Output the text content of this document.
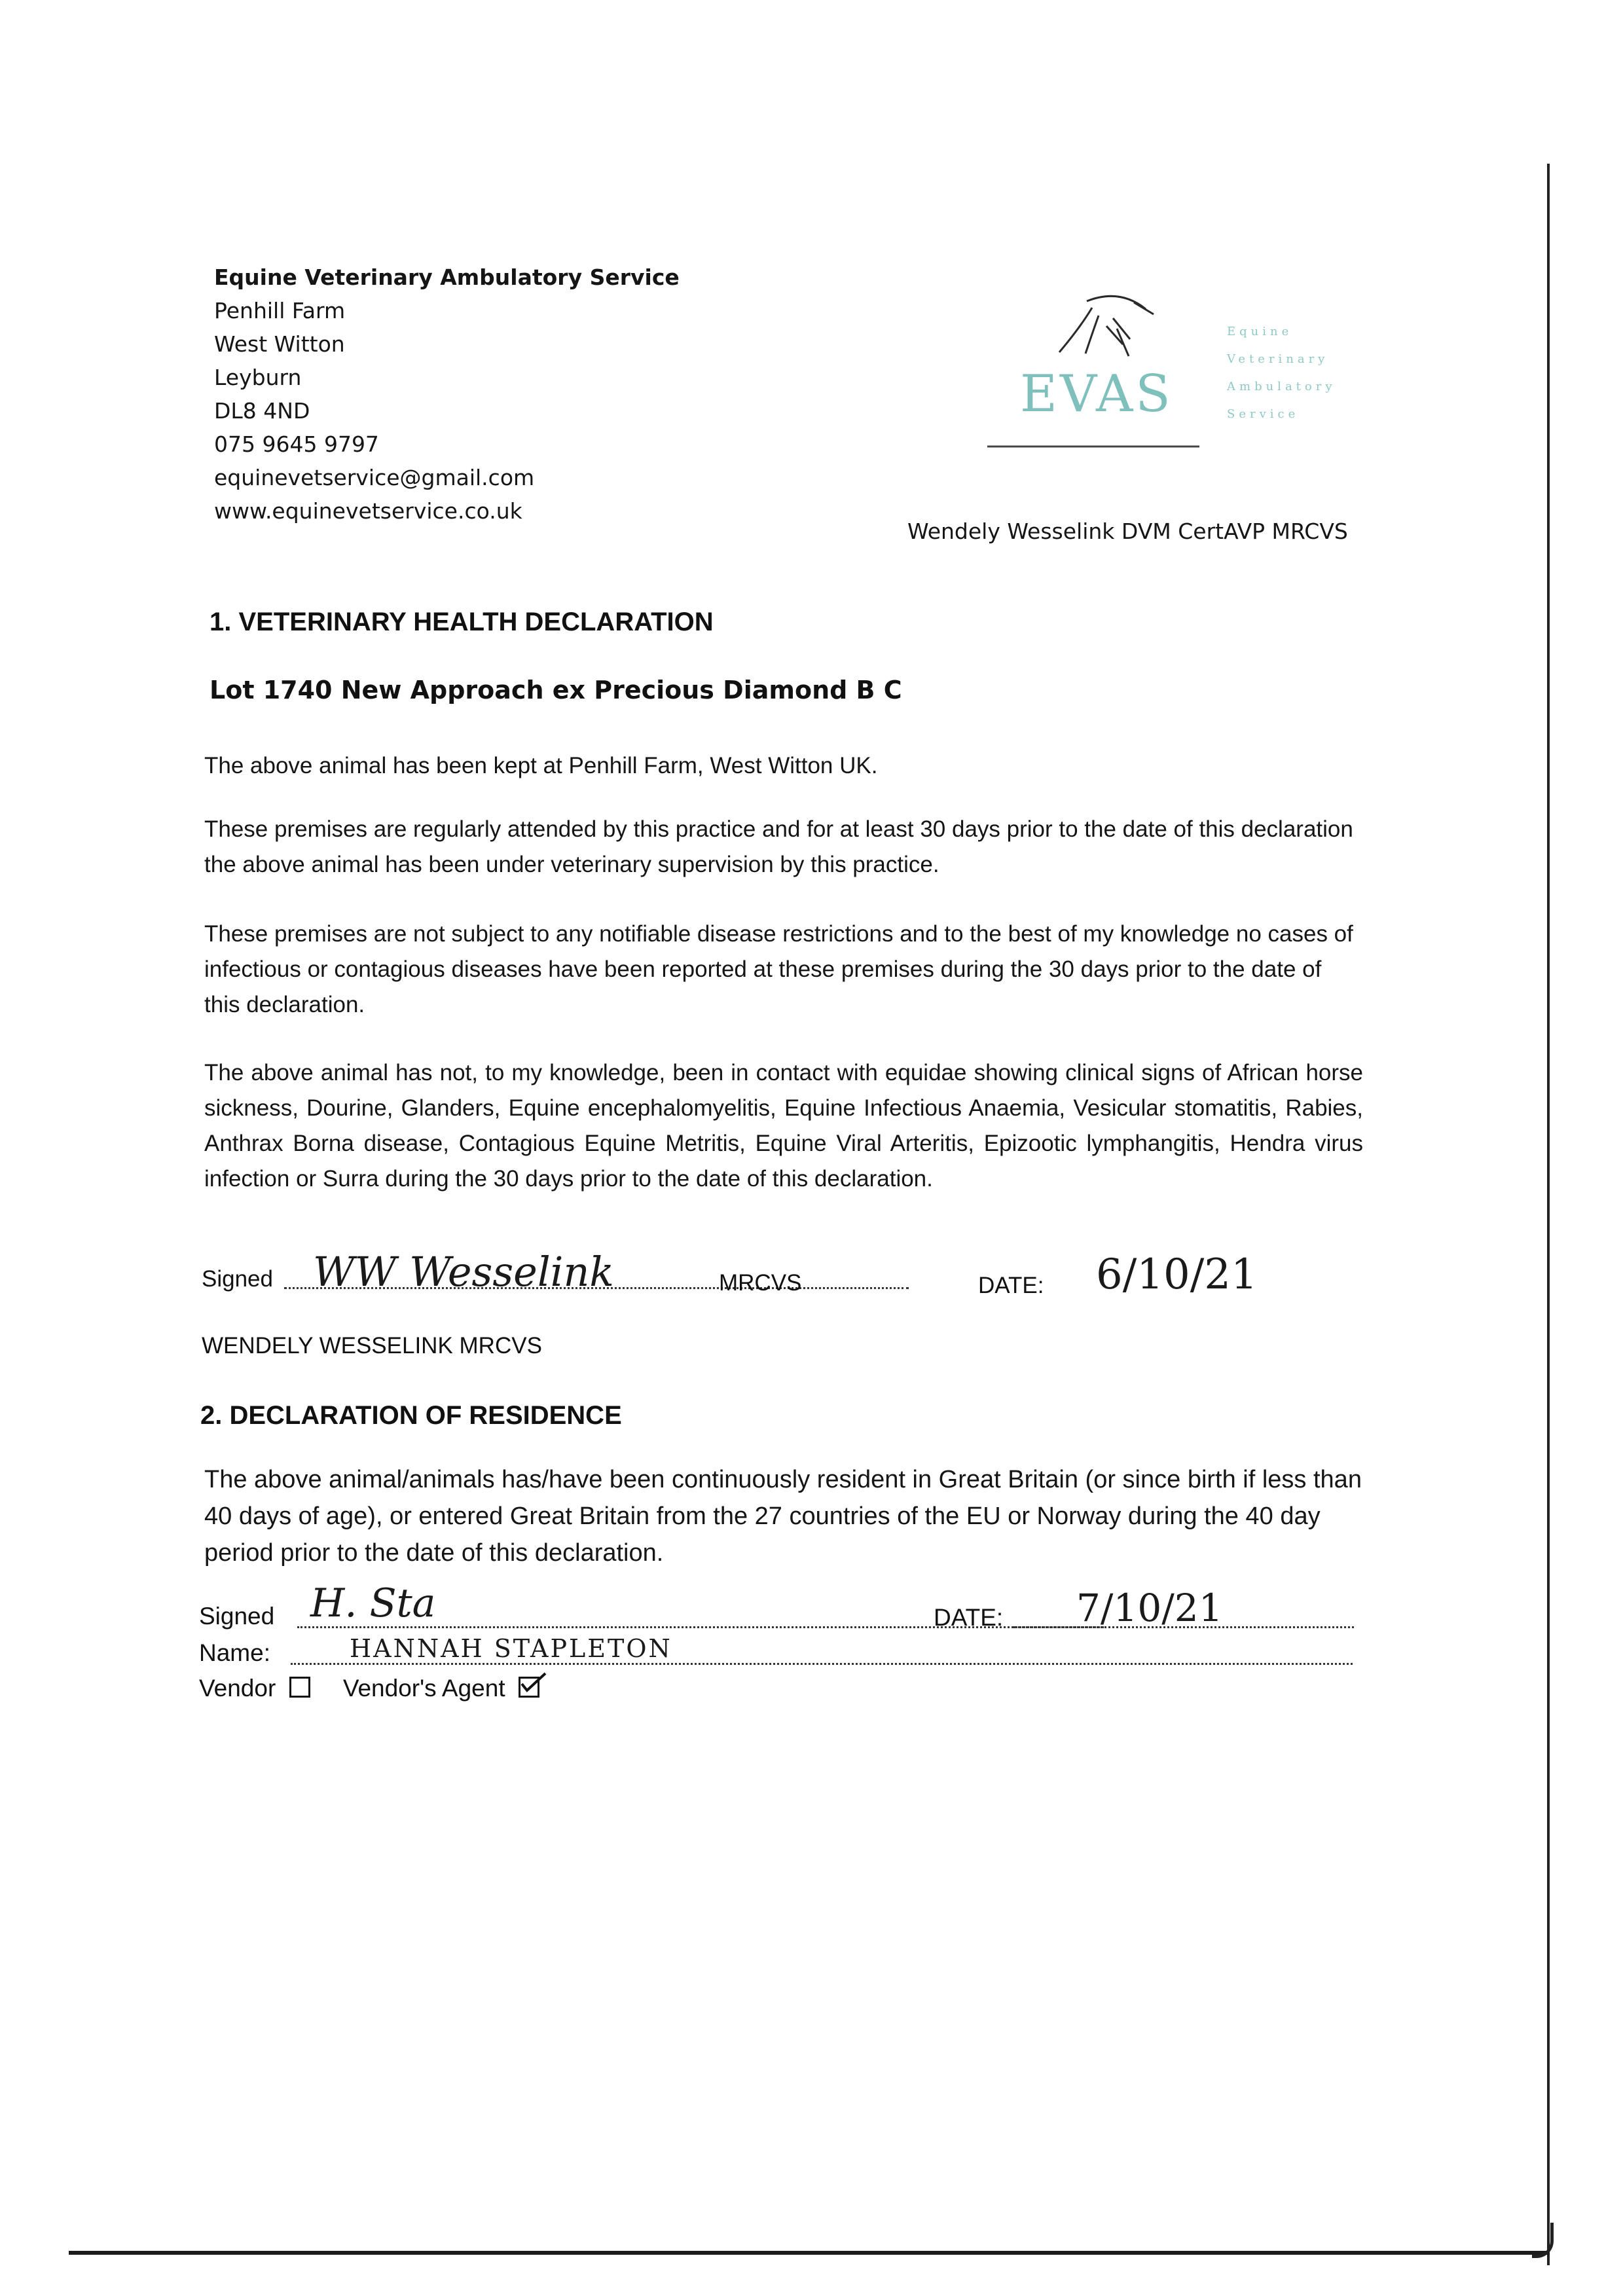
Equine Veterinary Ambulatory Service
Penhill Farm
West Witton
Leyburn
DL8 4ND
075 9645 9797
equinevetservice@gmail.com
www.equinevetservice.co.uk
EVAS
Equine
Veterinary
Ambulatory
Service
Wendely Wesselink DVM CertAVP MRCVS
1. VETERINARY HEALTH DECLARATION
Lot 1740 New Approach ex Precious Diamond B C
The above animal has been kept at Penhill Farm, West Witton UK.
These premises are regularly attended by this practice and for at least 30 days prior to the date of this declaration the above animal has been under veterinary supervision by this practice.
These premises are not subject to any notifiable disease restrictions and to the best of my knowledge no cases of infectious or contagious diseases have been reported at these premises during the 30 days prior to the date of this declaration.
The above animal has not, to my knowledge, been in contact with equidae showing clinical signs of African horse sickness, Dourine, Glanders, Equine encephalomyelitis, Equine Infectious Anaemia, Vesicular stomatitis, Rabies, Anthrax Borna disease, Contagious Equine Metritis, Equine Viral Arteritis, Epizootic lymphangitis, Hendra virus infection or Surra during the 30 days prior to the date of this declaration.
Signed WW Wesselink	MRCVS	DATE: 6/10/21
WENDELY WESSELINK MRCVS
2. DECLARATION OF RESIDENCE
The above animal/animals has/have been continuously resident in Great Britain (or since birth if less than 40 days of age), or entered Great Britain from the 27 countries of the EU or Norway during the 40 day period prior to the date of this declaration.
Signed H. Sta	DATE: 7/10/21
Name:	HANNAH STAPLETON
Vendor	Vendor's Agent
